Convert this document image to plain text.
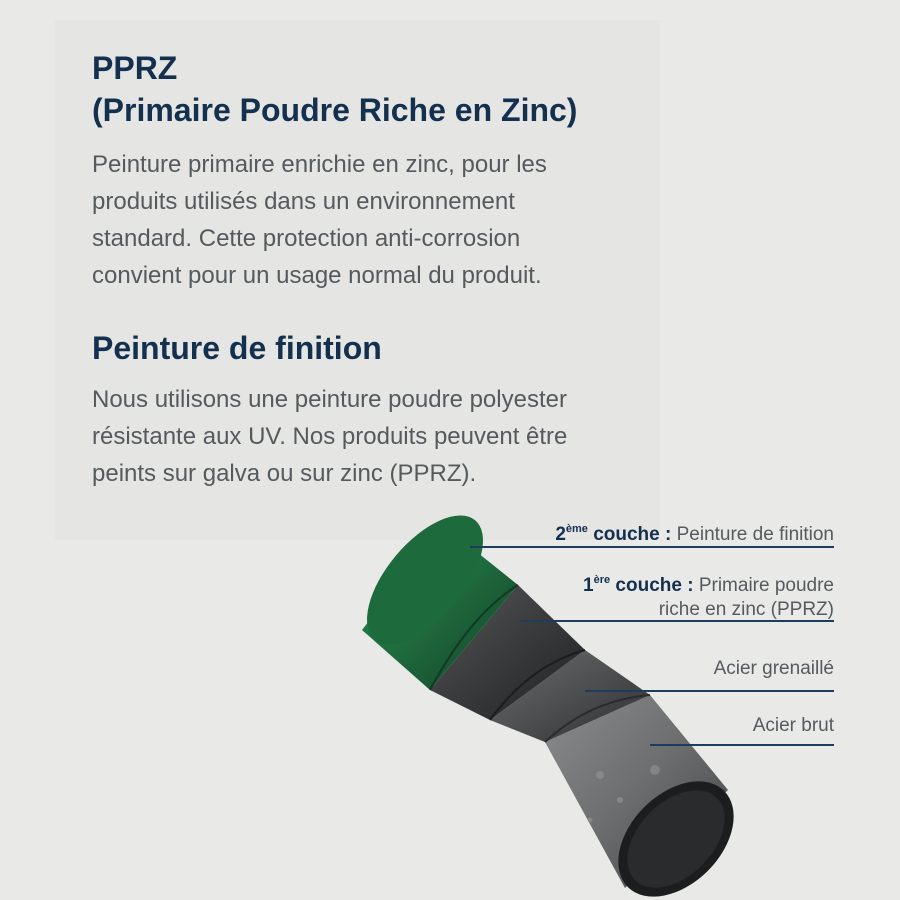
PPRZ
(Primaire Poudre Riche en Zinc)

Peinture primaire enrichie en zinc, pour les
produits utilisés dans un environnement
standard. Cette protection anti-corrosion
convient pour un usage normal du produit.

Peinture de finition

Nous utilisons une peinture poudre polyester
résistante aux UV. Nos produits peuvent être
peints sur galva ou sur zinc (PPRZ).

2ème couche : Peinture de finition
1ère couche : Primaire poudre
riche en zinc (PPRZ)
Acier grenaillé
Acier brut
